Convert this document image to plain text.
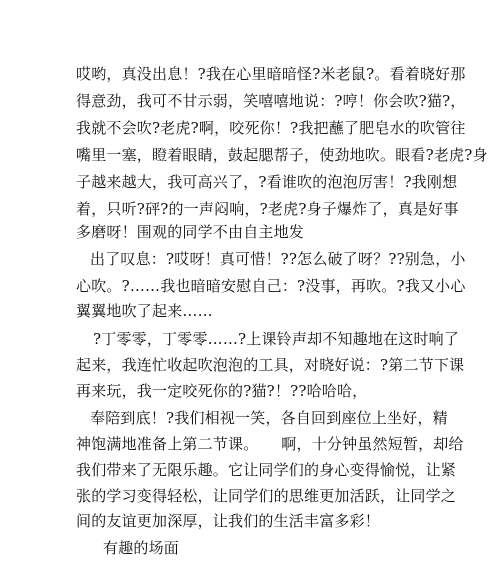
哎哟，真没出息！?我在心里暗暗怪?米老鼠?。看着晓好那
得意劲，我可不甘示弱，笑嘻嘻地说：?哼！你会吹?猫?，
我就不会吹?老虎?啊，咬死你！?我把蘸了肥皂水的吹管往
嘴里一塞，瞪着眼睛，鼓起腮帮子，使劲地吹。眼看?老虎?身
子越来越大，我可高兴了，?看谁吹的泡泡厉害！?我刚想
着，只听?砰?的一声闷响，?老虎?身子爆炸了，真是好事
多磨呀！围观的同学不由自主地发
出了叹息：?哎呀！真可惜！??怎么破了呀？??别急，小
心吹。?……我也暗暗安慰自己：?没事，再吹。?我又小心
翼翼地吹了起来……
?丁零零，丁零零……?上课铃声却不知趣地在这时响了
起来，我连忙收起吹泡泡的工具，对晓好说：?第二节下课
再来玩，我一定咬死你的?猫?！??哈哈哈，
奉陪到底！?我们相视一笑，各自回到座位上坐好，精
神饱满地准备上第二节课。　　啊，十分钟虽然短暂，却给
我们带来了无限乐趣。它让同学们的身心变得愉悦，让紧
张的学习变得轻松，让同学们的思维更加活跃，让同学之
间的友谊更加深厚，让我们的生活丰富多彩！
有趣的场面
